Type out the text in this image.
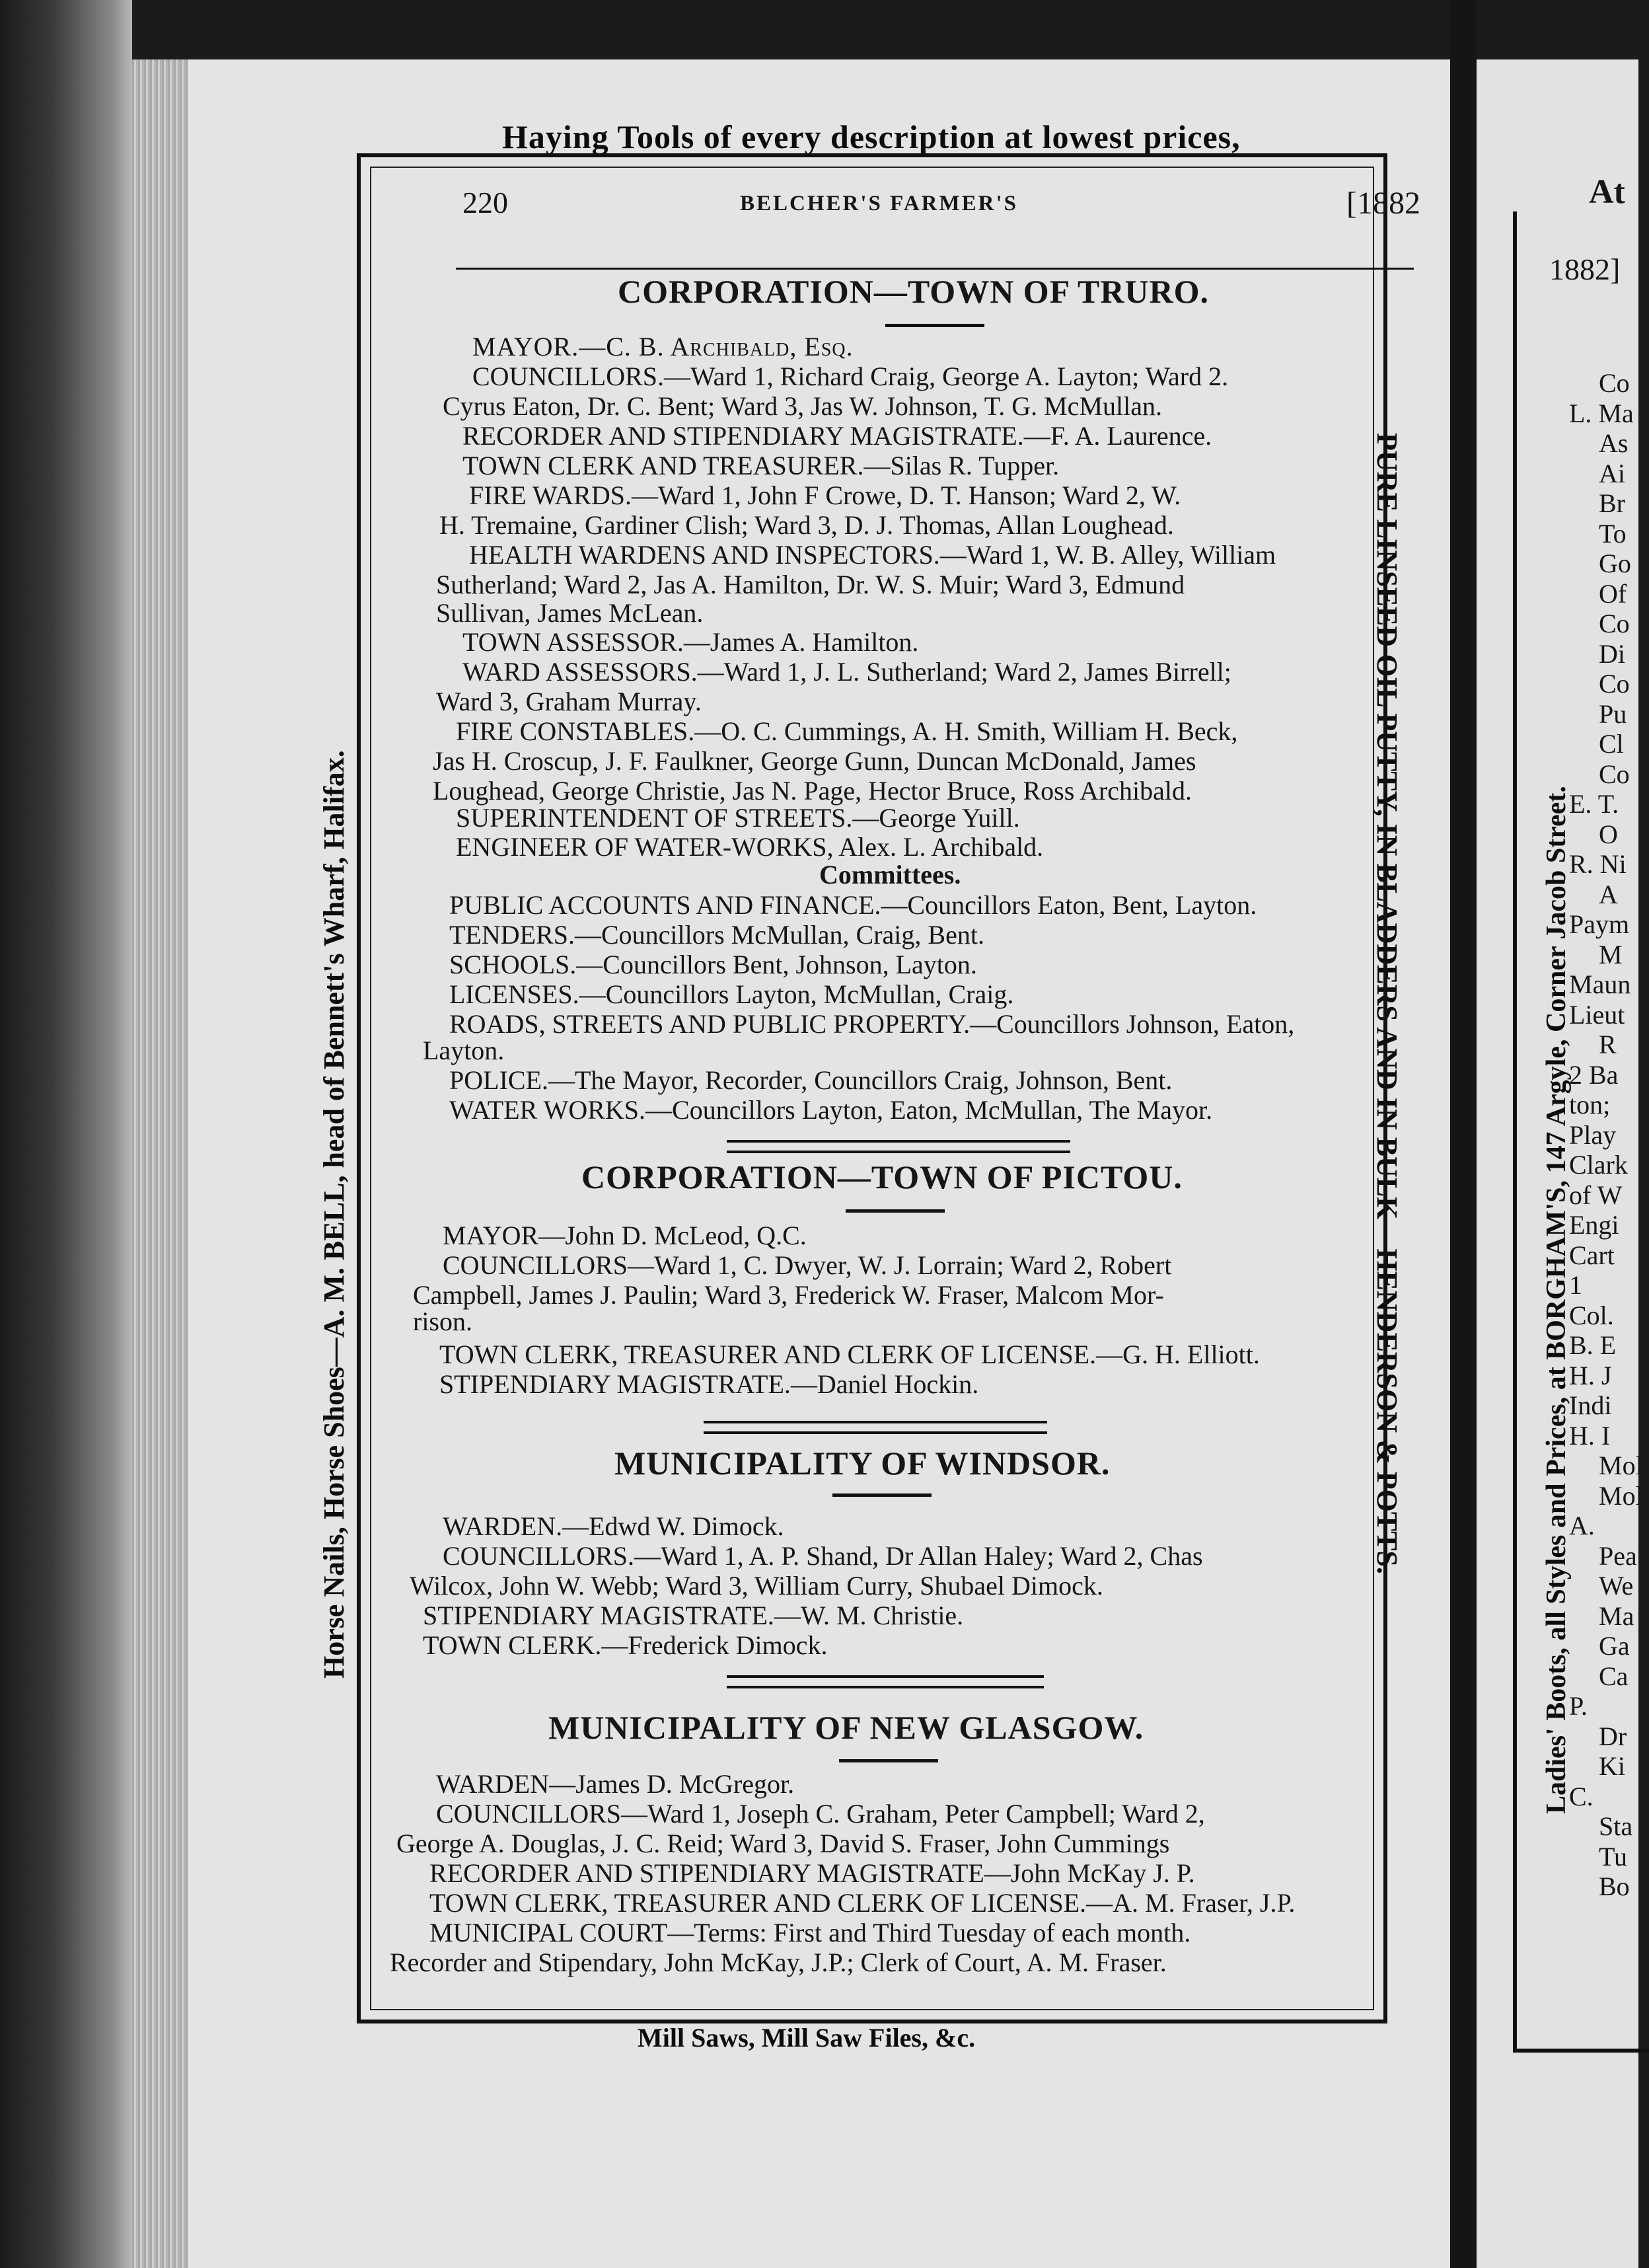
Haying Tools of every description at lowest prices,
Horse Nails, Horse Shoes—A. M. BELL, head of Bennett's Wharf, Halifax.	PURE LINSEED OIL PUTTY, IN BLADDERS AND IN BULK—HENDERSON & POTTS.
220	BELCHER'S FARMER'S	[1882
CORPORATION—TOWN OF TRURO.
MAYOR.—C. B. Archibald, Esq.
COUNCILLORS.—Ward 1, Richard Craig, George A. Layton; Ward 2.
Cyrus Eaton, Dr. C. Bent; Ward 3, Jas W. Johnson, T. G. McMullan.
RECORDER AND STIPENDIARY MAGISTRATE.—F. A. Laurence.
TOWN CLERK AND TREASURER.—Silas R. Tupper.
FIRE WARDS.—Ward 1, John F Crowe, D. T. Hanson; Ward 2, W.
H. Tremaine, Gardiner Clish; Ward 3, D. J. Thomas, Allan Loughead.
HEALTH WARDENS AND INSPECTORS.—Ward 1, W. B. Alley, William
Sutherland; Ward 2, Jas A. Hamilton, Dr. W. S. Muir; Ward 3, Edmund
Sullivan, James McLean.
TOWN ASSESSOR.—James A. Hamilton.
WARD ASSESSORS.—Ward 1, J. L. Sutherland; Ward 2, James Birrell;
Ward 3, Graham Murray.
FIRE CONSTABLES.—O. C. Cummings, A. H. Smith, William H. Beck,
Jas H. Croscup, J. F. Faulkner, George Gunn, Duncan McDonald, James
Loughead, George Christie, Jas N. Page, Hector Bruce, Ross Archibald.
SUPERINTENDENT OF STREETS.—George Yuill.
ENGINEER OF WATER-WORKS, Alex. L. Archibald.
Committees.
PUBLIC ACCOUNTS AND FINANCE.—Councillors Eaton, Bent, Layton.
TENDERS.—Councillors McMullan, Craig, Bent.
SCHOOLS.—Councillors Bent, Johnson, Layton.
LICENSES.—Councillors Layton, McMullan, Craig.
ROADS, STREETS AND PUBLIC PROPERTY.—Councillors Johnson, Eaton,
Layton.
POLICE.—The Mayor, Recorder, Councillors Craig, Johnson, Bent.
WATER WORKS.—Councillors Layton, Eaton, McMullan, The Mayor.
CORPORATION—TOWN OF PICTOU.
MAYOR—John D. McLeod, Q.C.
COUNCILLORS—Ward 1, C. Dwyer, W. J. Lorrain; Ward 2, Robert
Campbell, James J. Paulin; Ward 3, Frederick W. Fraser, Malcom Mor-
rison.
TOWN CLERK, TREASURER AND CLERK OF LICENSE.—G. H. Elliott.
STIPENDIARY MAGISTRATE.—Daniel Hockin.
MUNICIPALITY OF WINDSOR.
WARDEN.—Edwd W. Dimock.
COUNCILLORS.—Ward 1, A. P. Shand, Dr Allan Haley; Ward 2, Chas
Wilcox, John W. Webb; Ward 3, William Curry, Shubael Dimock.
STIPENDIARY MAGISTRATE.—W. M. Christie.
TOWN CLERK.—Frederick Dimock.
MUNICIPALITY OF NEW GLASGOW.
WARDEN—James D. McGregor.
COUNCILLORS—Ward 1, Joseph C. Graham, Peter Campbell; Ward 2,
George A. Douglas, J. C. Reid; Ward 3, David S. Fraser, John Cummings
RECORDER AND STIPENDIARY MAGISTRATE—John McKay J. P.
TOWN CLERK, TREASURER AND CLERK OF LICENSE.—A. M. Fraser, J.P.
MUNICIPAL COURT—Terms: First and Third Tuesday of each month.
Recorder and Stipendary, John McKay, J.P.; Clerk of Court, A. M. Fraser.
Mill Saws, Mill Saw Files, &c.
At
1882]
Ladies' Boots, all Styles and Prices, at BORGHAM'S, 147 Argyle, Corner Jacob Street.
Co
L. Ma
As
Ai
Br
To
Go
Of
Co
Di
Co
Pu
Cl
Co
E. T.
O
R. Ni
A
Paym
M
Maun
Lieut
R
2 Ba
ton;
Play
Clark
of W
Engi
Cart
1
Col.
B. E
H. J
Indi
H. I
Mol
Mol
A.
Pea
We
Ma
Ga
Ca
P.
Dr
Ki
C.
Sta
Tu
Bo
